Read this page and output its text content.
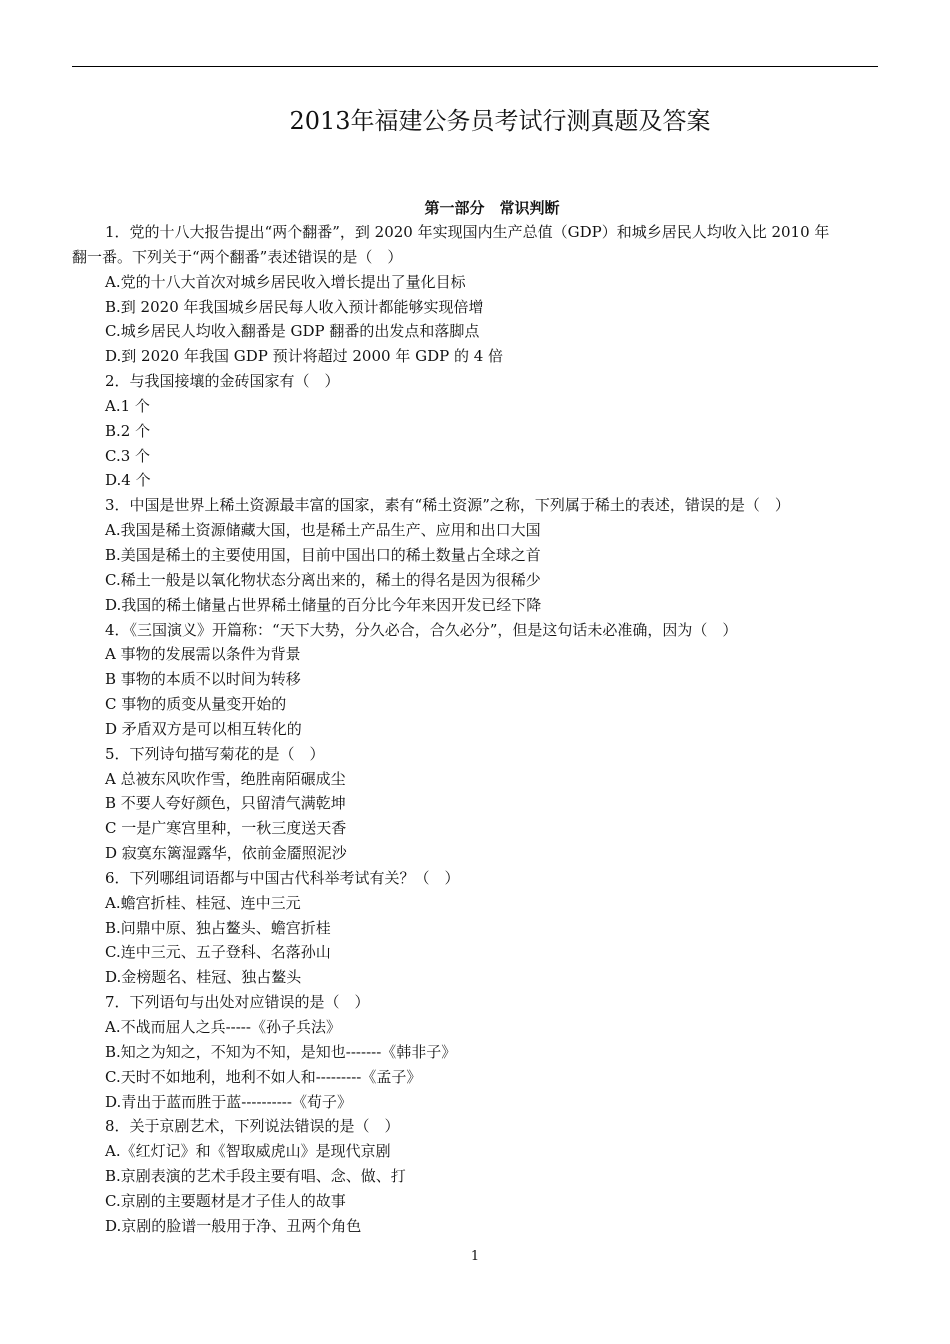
2013年福建公务员考试行测真题及答案
第一部分　常识判断
1．党的十八大报告提出“两个翻番”，到 2020 年实现国内生产总值（GDP）和城乡居民人均收入比 2010 年
翻一番。下列关于“两个翻番”表述错误的是（　）
A.党的十八大首次对城乡居民收入增长提出了量化目标
B.到 2020 年我国城乡居民每人收入预计都能够实现倍增
C.城乡居民人均收入翻番是 GDP 翻番的出发点和落脚点
D.到 2020 年我国 GDP 预计将超过 2000 年 GDP 的 4 倍
2．与我国接壤的金砖国家有（　）
A.1 个
B.2 个
C.3 个
D.4 个
3．中国是世界上稀土资源最丰富的国家，素有“稀土资源”之称，下列属于稀土的表述，错误的是（　）
A.我国是稀土资源储藏大国，也是稀土产品生产、应用和出口大国
B.美国是稀土的主要使用国，目前中国出口的稀土数量占全球之首
C.稀土一般是以氧化物状态分离出来的，稀土的得名是因为很稀少
D.我国的稀土储量占世界稀土储量的百分比今年来因开发已经下降
4．《三国演义》开篇称：“天下大势，分久必合，合久必分”，但是这句话未必准确，因为（　）
A 事物的发展需以条件为背景
B 事物的本质不以时间为转移
C 事物的质变从量变开始的
D 矛盾双方是可以相互转化的
5．下列诗句描写菊花的是（　）
A 总被东风吹作雪，绝胜南陌碾成尘
B 不要人夸好颜色，只留清气满乾坤
C 一是广寒宫里种，一秋三度送天香
D 寂寞东篱湿露华，依前金靥照泥沙
6．下列哪组词语都与中国古代科举考试有关？（　）
A.蟾宫折桂、桂冠、连中三元
B.问鼎中原、独占鳌头、蟾宫折桂
C.连中三元、五子登科、名落孙山
D.金榜题名、桂冠、独占鳌头
7．下列语句与出处对应错误的是（　）
A.不战而屈人之兵-----《孙子兵法》
B.知之为知之，不知为不知，是知也-------《韩非子》
C.天时不如地利，地利不如人和---------《孟子》
D.青出于蓝而胜于蓝----------《荀子》
8．关于京剧艺术，下列说法错误的是（　）
A.《红灯记》和《智取威虎山》是现代京剧
B.京剧表演的艺术手段主要有唱、念、做、打
C.京剧的主要题材是才子佳人的故事
D.京剧的脸谱一般用于净、丑两个角色
1
